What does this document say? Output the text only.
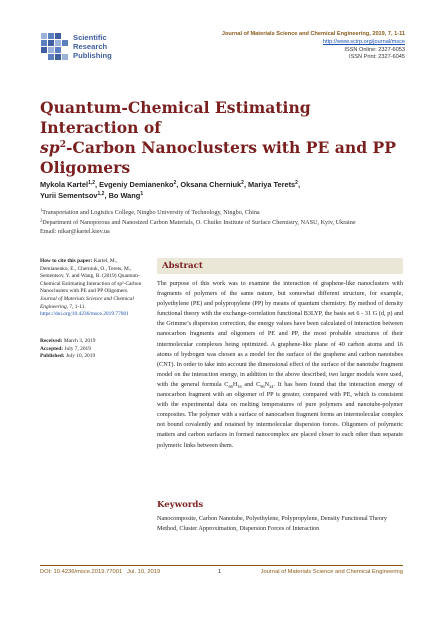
Scientific
Research
Publishing
Journal of Materials Science and Chemical Engineering, 2019, 7, 1-11
http://www.scirp.org/journal/msce
ISSN Online: 2327-6053
ISSN Print: 2327-6045
Quantum-Chemical Estimating Interaction of
$sp^2$-Carbon Nanoclusters with PE and PP
Oligomers
Mykola Kartel$^{1,2}$, Evgeniy Demianenko$^2$, Oksana Cherniuk$^2$, Mariya Terets$^2$,
Yurii Sementsov$^{1,2}$, Bo Wang$^1$
$^1$Transportation and Logistics College, Ningbo University of Technology, Ningbo, China
$^2$Department of Nanoporous and Nanosized Carbon Materials, O. Chuiko Institute of Surface Chemistry, NASU, Kyiv, Ukraine
Email: nikar@kartel.kiev.ua
How to cite this paper: Kartel, M., Demianenko, E., Cherniuk, O., Terets, M., Sementsov, Y. and Wang, B. (2019) Quantum-Chemical Estimating Interaction of sp²-Carbon Nanoclusters with PE and PP Oligomers. Journal of Materials Science and Chemical Engineering, 7, 1-11. https://doi.org/10.4236/msce.2019.77001
Received: March 3, 2019
Accepted: July 7, 2019
Published: July 10, 2019
Abstract
The purpose of this work was to examine the interaction of graphene-like nanoclusters with fragments of polymers of the same nature, but somewhat different structure, for example, polyethylene (PE) and polypropylene (PP) by means of quantum chemistry. By method of density functional theory with the exchange-correlation functional B3LYP, the basis set 6 - 31 G (d, p) and the Grimme’s dispersion correction, the energy values have been calculated of interaction between nanocarbon fragments and oligomers of PE and PP, the most probable structures of their intermolecular complexes being optimized. A graphene-like plane of 40 carbon atoms and 16 atoms of hydrogen was chosen as a model for the surface of the graphene and carbon nanotubes (CNT). In order to take into account the dimensional effect of the surface of the nanotube fragment model on the interaction energy, in addition to the above described, two larger models were used, with the general formula $C_{66}H_{16}$ and $C_{96}N_{24}$. It has been found that the interaction energy of nanocarbon fragment with an oligomer of PP is greater, compared with PE, which is consistent with the experimental data on melting temperatures of pure polymers and nanotube-polymer composites. The polymer with a surface of nanocarbon fragment forms an intermolecular complex not bound covalently and retained by intermolecular dispersion forces. Oligomers of polymeric matters and carbon surfaces in formed nanocomplex are placed closer to each other than separate polymeric links between them.
Keywords
Nanocomposite, Carbon Nanotube, Polyethylene, Polypropylene, Density Functional Theory Method, Cluster Approximation, Dispersion Forces of Interaction
DOI: 10.4236/msce.2019.77001 Jul. 10, 2019	1	Journal of Materials Science and Chemical Engineering
